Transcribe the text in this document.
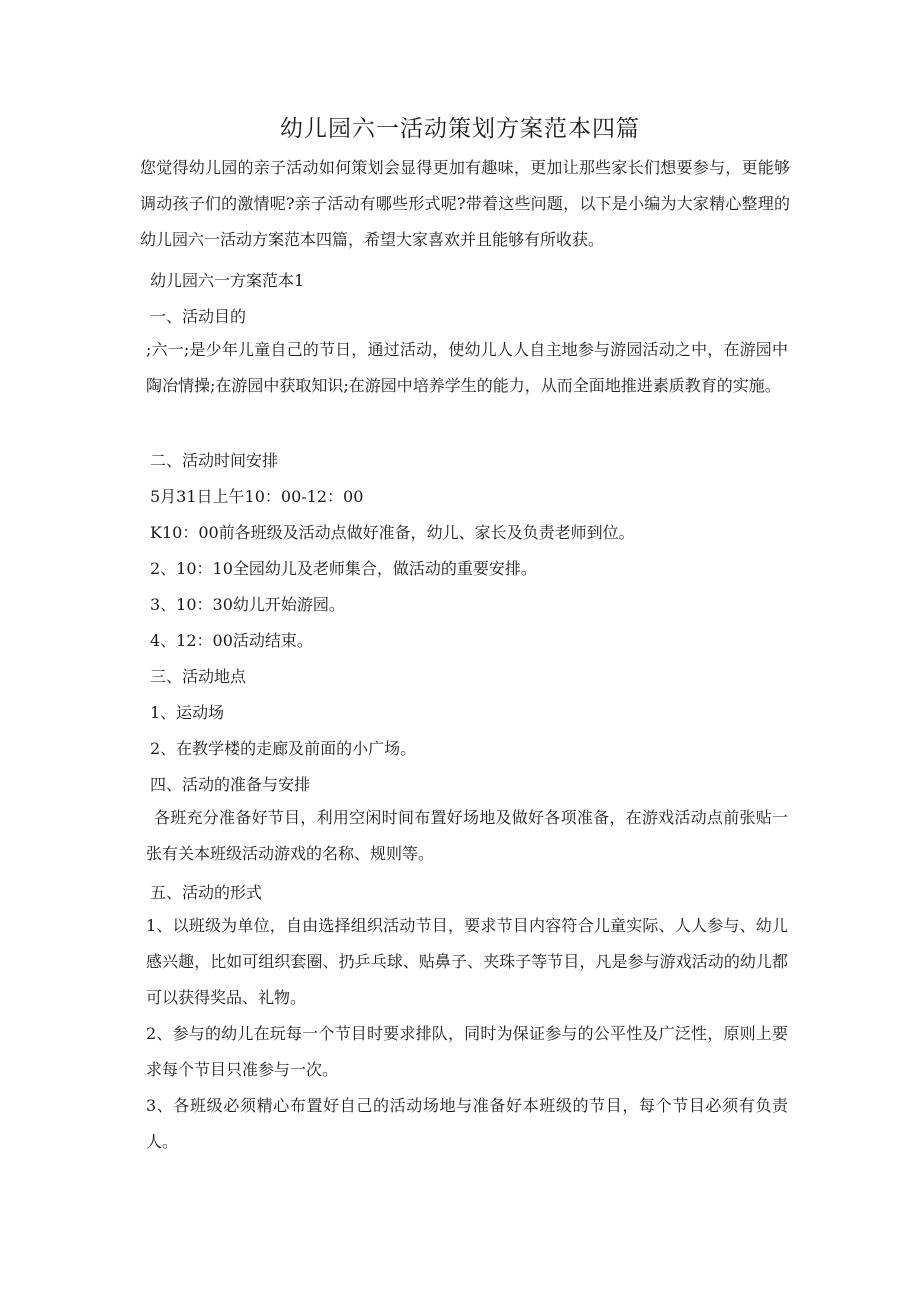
幼儿园六一活动策划方案范本四篇
您觉得幼儿园的亲子活动如何策划会显得更加有趣味，更加让那些家长们想要参与，更能够调动孩子们的激情呢?亲子活动有哪些形式呢?带着这些问题，以下是小编为大家精心整理的幼儿园六一活动方案范本四篇，希望大家喜欢并且能够有所收获。
幼儿园六一方案范本1
一、活动目的
;六一;是少年儿童自己的节日，通过活动，使幼儿人人自主地参与游园活动之中，在游园中陶冶情操;在游园中获取知识;在游园中培养学生的能力，从而全面地推进素质教育的实施。
二、活动时间安排
5月31日上午10：00-12：00
K10：00前各班级及活动点做好准备，幼儿、家长及负责老师到位。
2、10：10全园幼儿及老师集合，做活动的重要安排。
3、10：30幼儿开始游园。
4、12：00活动结束。
三、活动地点
1、运动场
2、在教学楼的走廊及前面的小广场。
四、活动的准备与安排
各班充分准备好节目，利用空闲时间布置好场地及做好各项准备，在游戏活动点前张贴一张有关本班级活动游戏的名称、规则等。
五、活动的形式
1、以班级为单位，自由选择组织活动节目，要求节目内容符合儿童实际、人人参与、幼儿感兴趣，比如可组织套圈、扔乒乓球、贴鼻子、夹珠子等节目，凡是参与游戏活动的幼儿都可以获得奖品、礼物。
2、参与的幼儿在玩每一个节目时要求排队，同时为保证参与的公平性及广泛性，原则上要求每个节目只准参与一次。
3、各班级必须精心布置好自己的活动场地与准备好本班级的节目，每个节目必须有负责人。
